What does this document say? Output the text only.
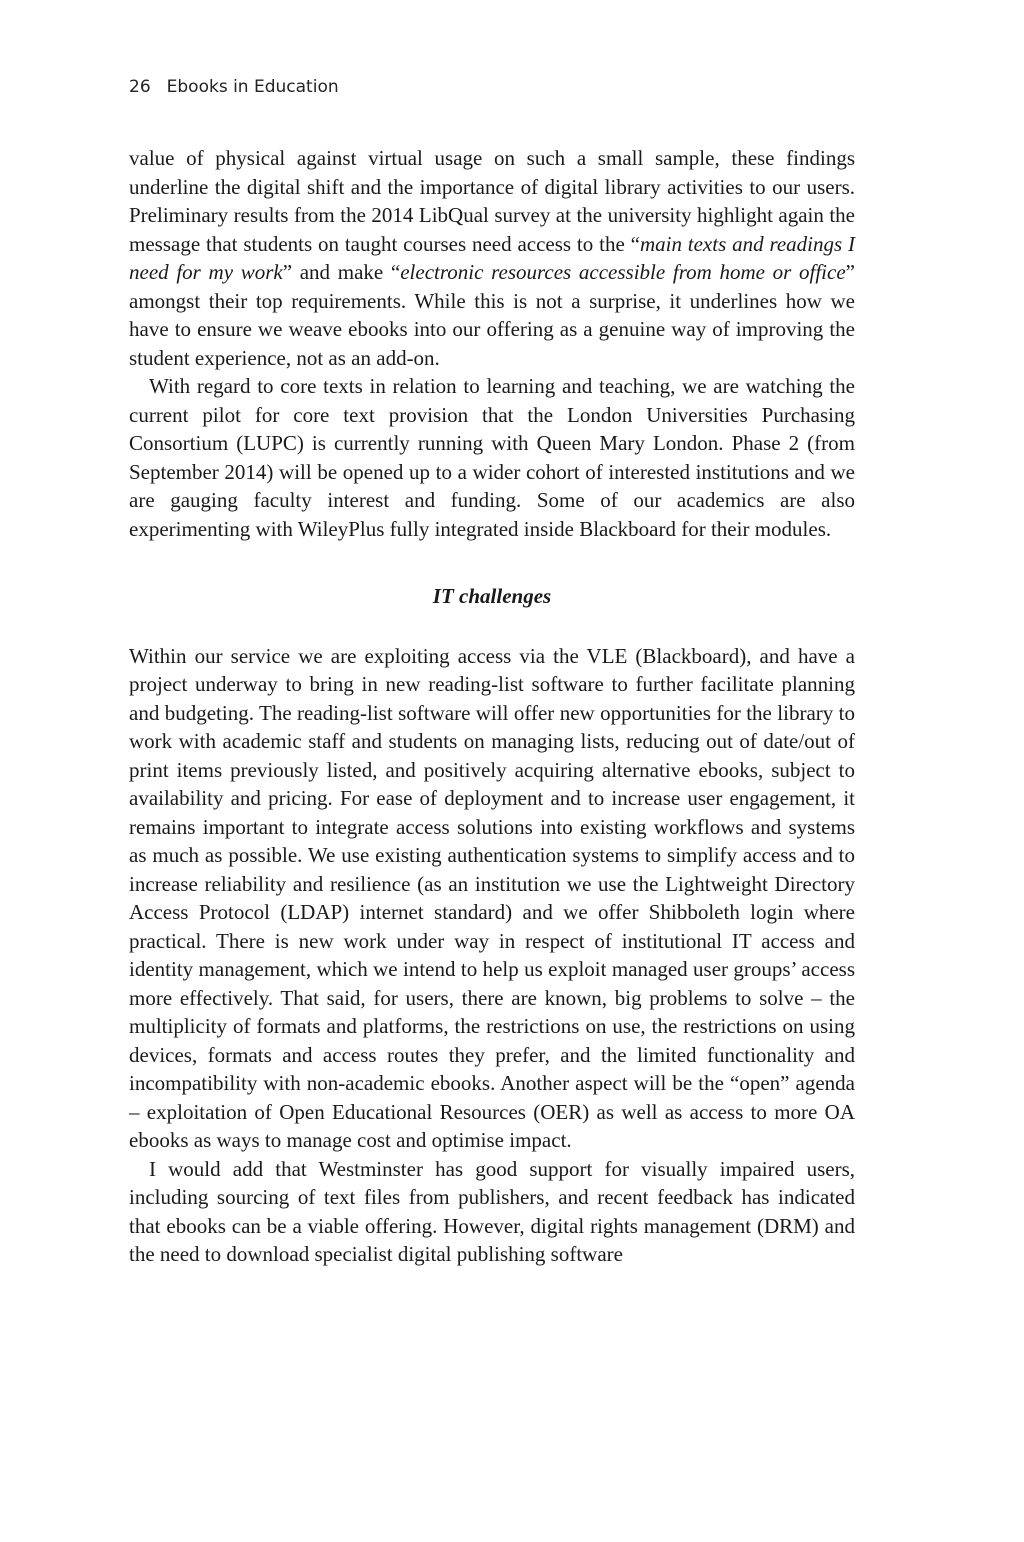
26 Ebooks in Education

value of physical against virtual usage on such a small sample, these findings underline the digital shift and the importance of digital library activities to our users. Preliminary results from the 2014 LibQual survey at the university highlight again the message that students on taught courses need access to the “main texts and readings I need for my work” and make “electronic resources accessible from home or office” amongst their top requirements. While this is not a surprise, it underlines how we have to ensure we weave ebooks into our offering as a genuine way of improving the student experience, not as an add-on.

With regard to core texts in relation to learning and teaching, we are watching the current pilot for core text provision that the London Universities Purchasing Consortium (LUPC) is currently running with Queen Mary London. Phase 2 (from September 2014) will be opened up to a wider cohort of interested institutions and we are gauging faculty interest and funding. Some of our academics are also experimenting with WileyPlus fully integrated inside Blackboard for their modules.

IT challenges

Within our service we are exploiting access via the VLE (Blackboard), and have a project underway to bring in new reading-list software to further facilitate planning and budgeting. The reading-list software will offer new opportunities for the library to work with academic staff and students on managing lists, reducing out of date/out of print items previously listed, and positively acquiring alternative ebooks, subject to availability and pricing. For ease of deployment and to increase user engagement, it remains important to integrate access solutions into existing workflows and systems as much as possible. We use existing authentication systems to simplify access and to increase reliability and resilience (as an institution we use the Lightweight Directory Access Protocol (LDAP) internet standard) and we offer Shibboleth login where practical. There is new work under way in respect of institutional IT access and identity management, which we intend to help us exploit managed user groups’ access more effectively. That said, for users, there are known, big problems to solve – the multiplicity of formats and platforms, the restrictions on use, the restrictions on using devices, formats and access routes they prefer, and the limited functionality and incompatibility with non-academic ebooks. Another aspect will be the “open” agenda – exploitation of Open Educational Resources (OER) as well as access to more OA ebooks as ways to manage cost and optimise impact.

I would add that Westminster has good support for visually impaired users, including sourcing of text files from publishers, and recent feedback has indicated that ebooks can be a viable offering. However, digital rights management (DRM) and the need to download specialist digital publishing software
